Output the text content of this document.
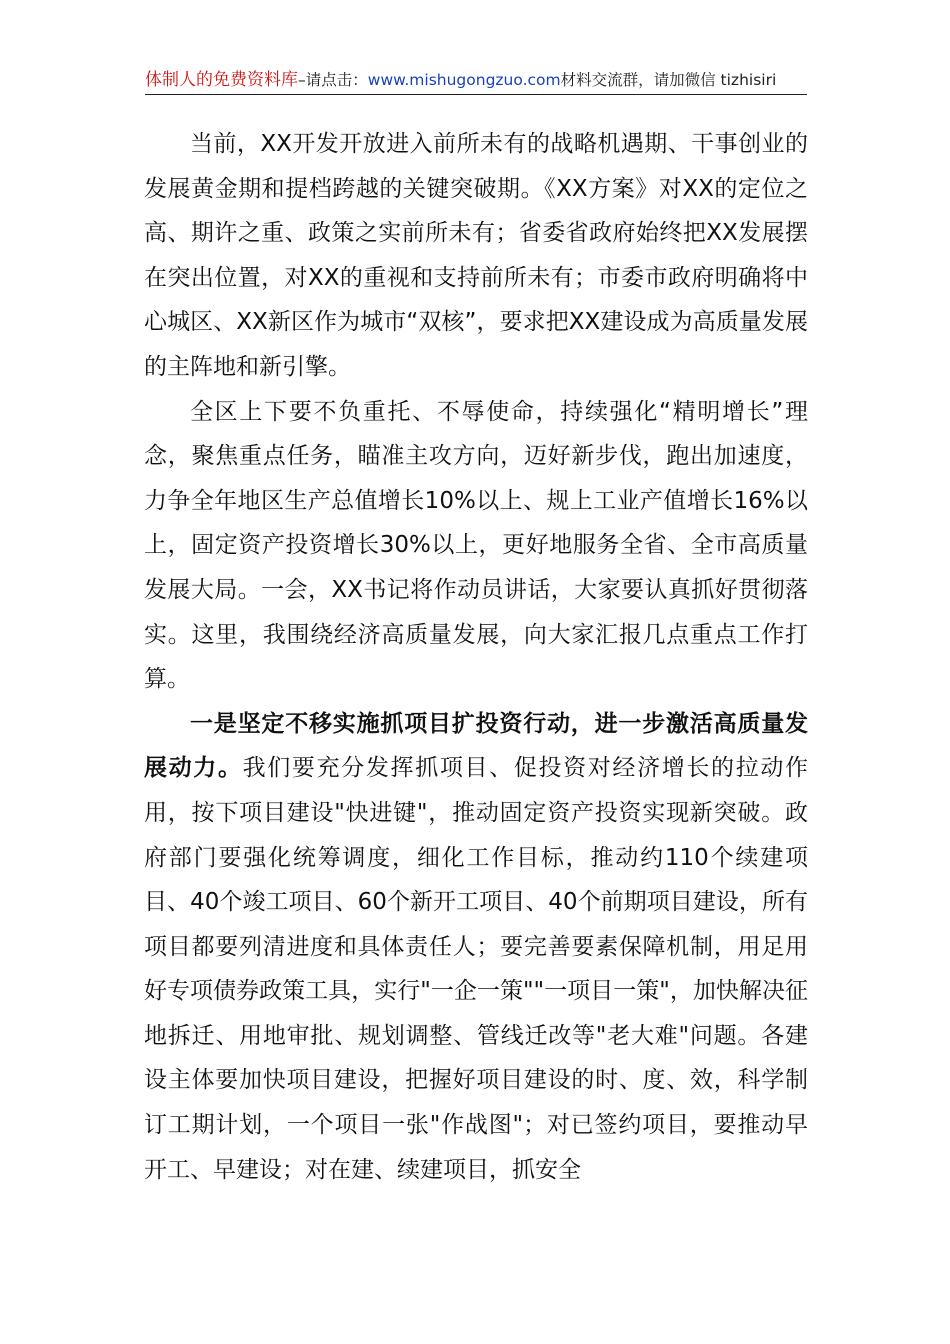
体制人的免费资料库–请点击：www.mishugongzuo.com材料交流群，请加微信 tizhisiri

当前，XX开发开放进入前所未有的战略机遇期、干事创业的发展黄金期和提档跨越的关键突破期。《XX方案》对XX的定位之高、期许之重、政策之实前所未有；省委省政府始终把XX发展摆在突出位置，对XX的重视和支持前所未有；市委市政府明确将中心城区、XX新区作为城市“双核”，要求把XX建设成为高质量发展的主阵地和新引擎。

全区上下要不负重托、不辱使命，持续强化“精明增长”理念，聚焦重点任务，瞄准主攻方向，迈好新步伐，跑出加速度，力争全年地区生产总值增长10%以上、规上工业产值增长16%以上，固定资产投资增长30%以上，更好地服务全省、全市高质量发展大局。一会，XX书记将作动员讲话，大家要认真抓好贯彻落实。这里，我围绕经济高质量发展，向大家汇报几点重点工作打算。

一是坚定不移实施抓项目扩投资行动，进一步激活高质量发展动力。我们要充分发挥抓项目、促投资对经济增长的拉动作用，按下项目建设"快进键"，推动固定资产投资实现新突破。政府部门要强化统筹调度，细化工作目标，推动约110个续建项目、40个竣工项目、60个新开工项目、40个前期项目建设，所有项目都要列清进度和具体责任人；要完善要素保障机制，用足用好专项债券政策工具，实行"一企一策""一项目一策"，加快解决征地拆迁、用地审批、规划调整、管线迁改等"老大难"问题。各建设主体要加快项目建设，把握好项目建设的时、度、效，科学制订工期计划，一个项目一张"作战图"；对已签约项目，要推动早开工、早建设；对在建、续建项目，抓安全
